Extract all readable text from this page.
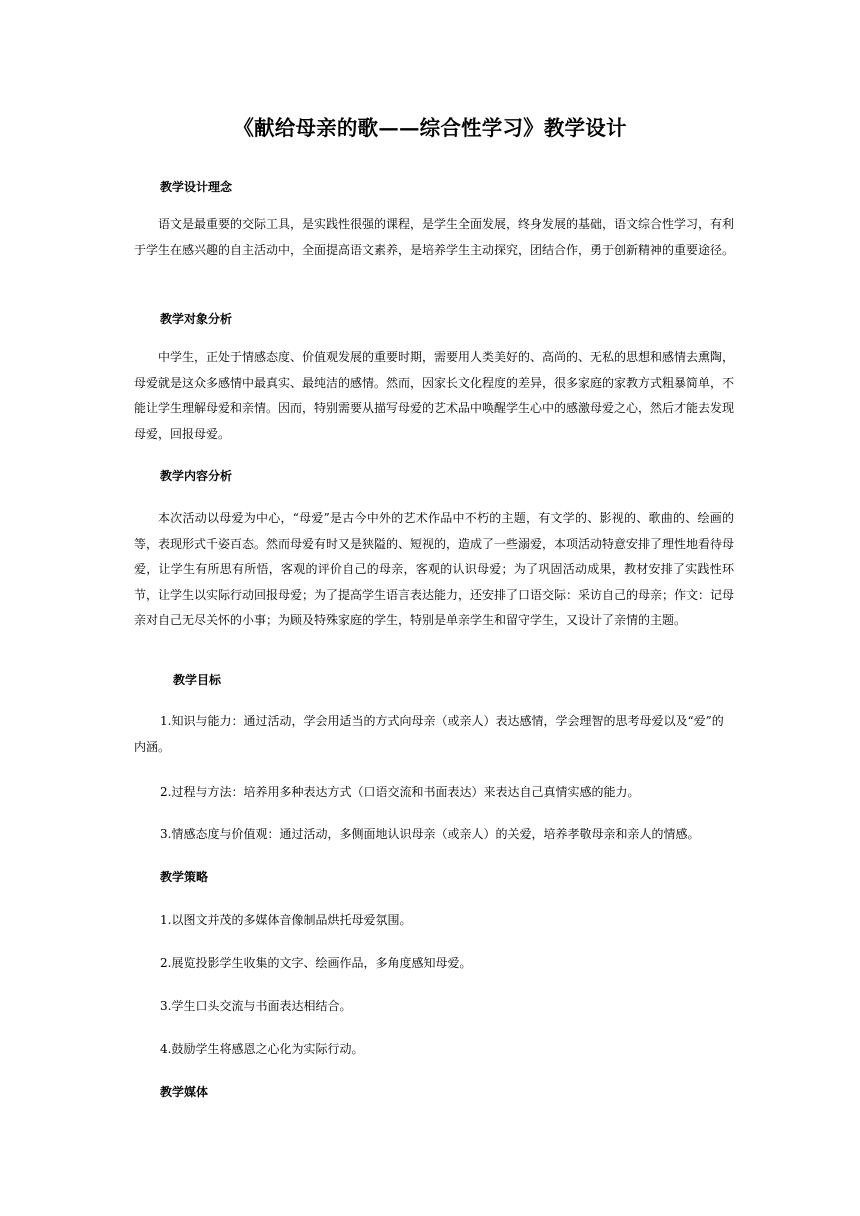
《献给母亲的歌——综合性学习》教学设计
教学设计理念
语文是最重要的交际工具，是实践性很强的课程，是学生全面发展，终身发展的基础，语文综合性学习，有利于学生在感兴趣的自主活动中，全面提高语文素养，是培养学生主动探究，团结合作，勇于创新精神的重要途径。
教学对象分析
中学生，正处于情感态度、价值观发展的重要时期，需要用人类美好的、高尚的、无私的思想和感情去熏陶，母爱就是这众多感情中最真实、最纯洁的感情。然而，因家长文化程度的差异，很多家庭的家教方式粗暴简单，不能让学生理解母爱和亲情。因而，特别需要从描写母爱的艺术品中唤醒学生心中的感激母爱之心，然后才能去发现母爱，回报母爱。
教学内容分析
本次活动以母爱为中心，“母爱”是古今中外的艺术作品中不朽的主题，有文学的、影视的、歌曲的、绘画的等，表现形式千姿百态。然而母爱有时又是狭隘的、短视的，造成了一些溺爱，本项活动特意安排了理性地看待母爱，让学生有所思有所悟，客观的评价自己的母亲，客观的认识母爱；为了巩固活动成果，教材安排了实践性环节，让学生以实际行动回报母爱；为了提高学生语言表达能力，还安排了口语交际：采访自己的母亲；作文：记母亲对自己无尽关怀的小事；为顾及特殊家庭的学生，特别是单亲学生和留守学生，又设计了亲情的主题。
教学目标
1.知识与能力：通过活动，学会用适当的方式向母亲（或亲人）表达感情，学会理智的思考母爱以及“爱”的内涵。
2.过程与方法：培养用多种表达方式（口语交流和书面表达）来表达自己真情实感的能力。
3.情感态度与价值观：通过活动，多侧面地认识母亲（或亲人）的关爱，培养孝敬母亲和亲人的情感。
教学策略
1.以图文并茂的多媒体音像制品烘托母爱氛围。
2.展览投影学生收集的文字、绘画作品，多角度感知母爱。
3.学生口头交流与书面表达相结合。
4.鼓励学生将感恩之心化为实际行动。
教学媒体
